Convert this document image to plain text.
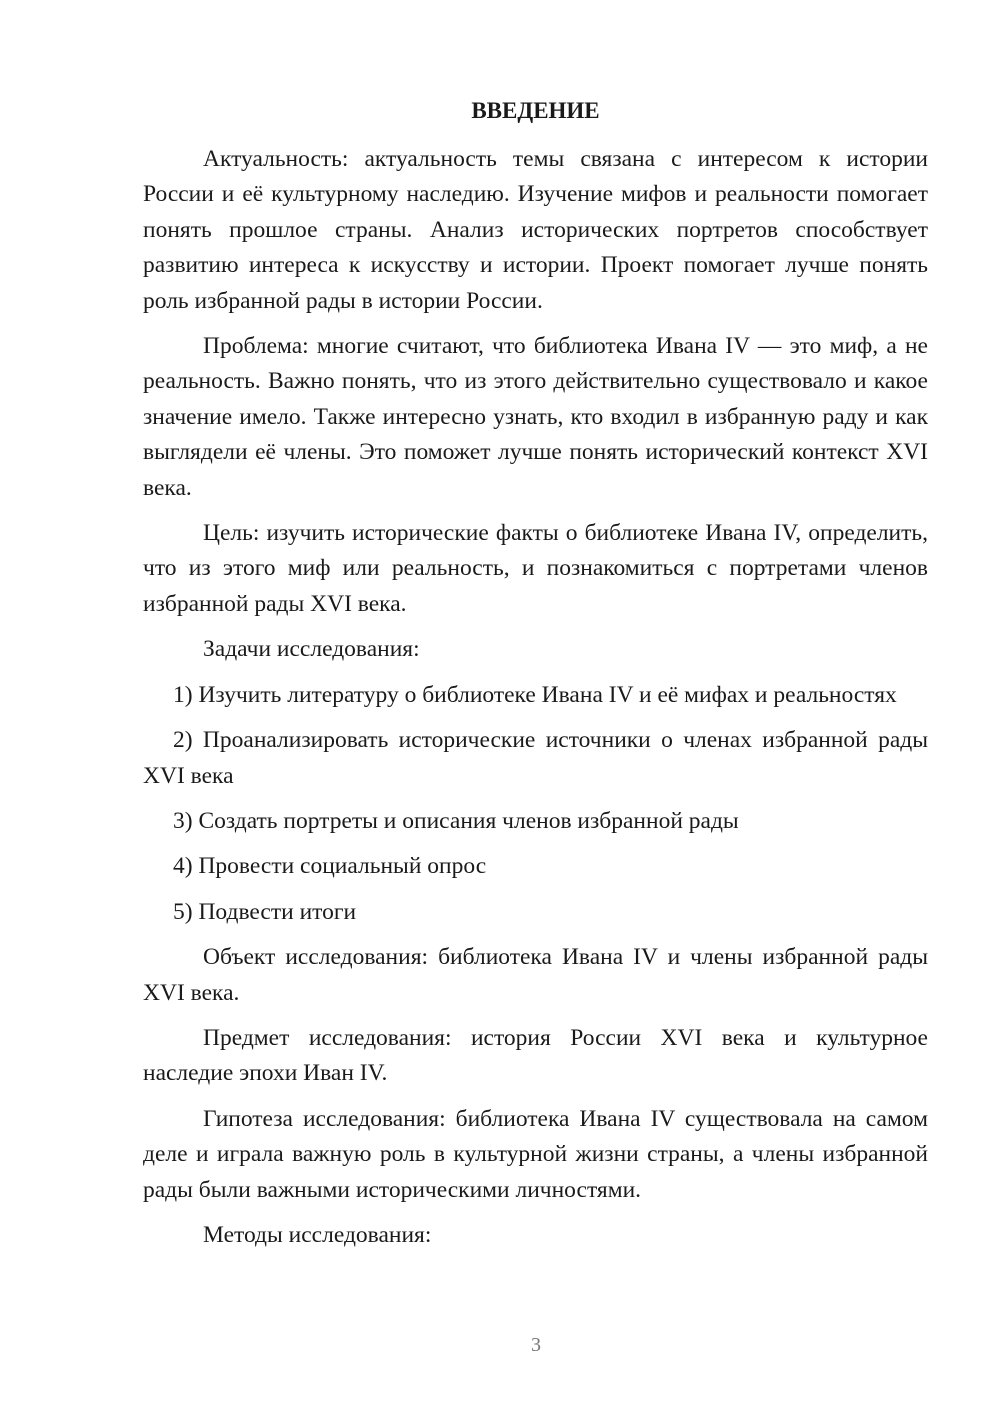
ВВЕДЕНИЕ

Актуальность: актуальность темы связана с интересом к истории России и её культурному наследию. Изучение мифов и реальности помогает понять прошлое страны. Анализ исторических портретов способствует развитию интереса к искусству и истории. Проект помогает лучше понять роль избранной рады в истории России.

Проблема: многие считают, что библиотека Ивана IV — это миф, а не реальность. Важно понять, что из этого действительно существовало и какое значение имело. Также интересно узнать, кто входил в избранную раду и как выглядели её члены. Это поможет лучше понять исторический контекст XVI века.

Цель: изучить исторические факты о библиотеке Ивана IV, определить, что из этого миф или реальность, и познакомиться с портретами членов избранной рады XVI века.

Задачи исследования:

1) Изучить литературу о библиотеке Ивана IV и её мифах и реальностях

2) Проанализировать исторические источники о членах избранной рады XVI века

3) Создать портреты и описания членов избранной рады

4) Провести социальный опрос

5) Подвести итоги

Объект исследования: библиотека Ивана IV и члены избранной рады XVI века.

Предмет исследования: история России XVI века и культурное наследие эпохи Иван IV.

Гипотеза исследования: библиотека Ивана IV существовала на самом деле и играла важную роль в культурной жизни страны, а члены избранной рады были важными историческими личностями.

Методы исследования:

3
